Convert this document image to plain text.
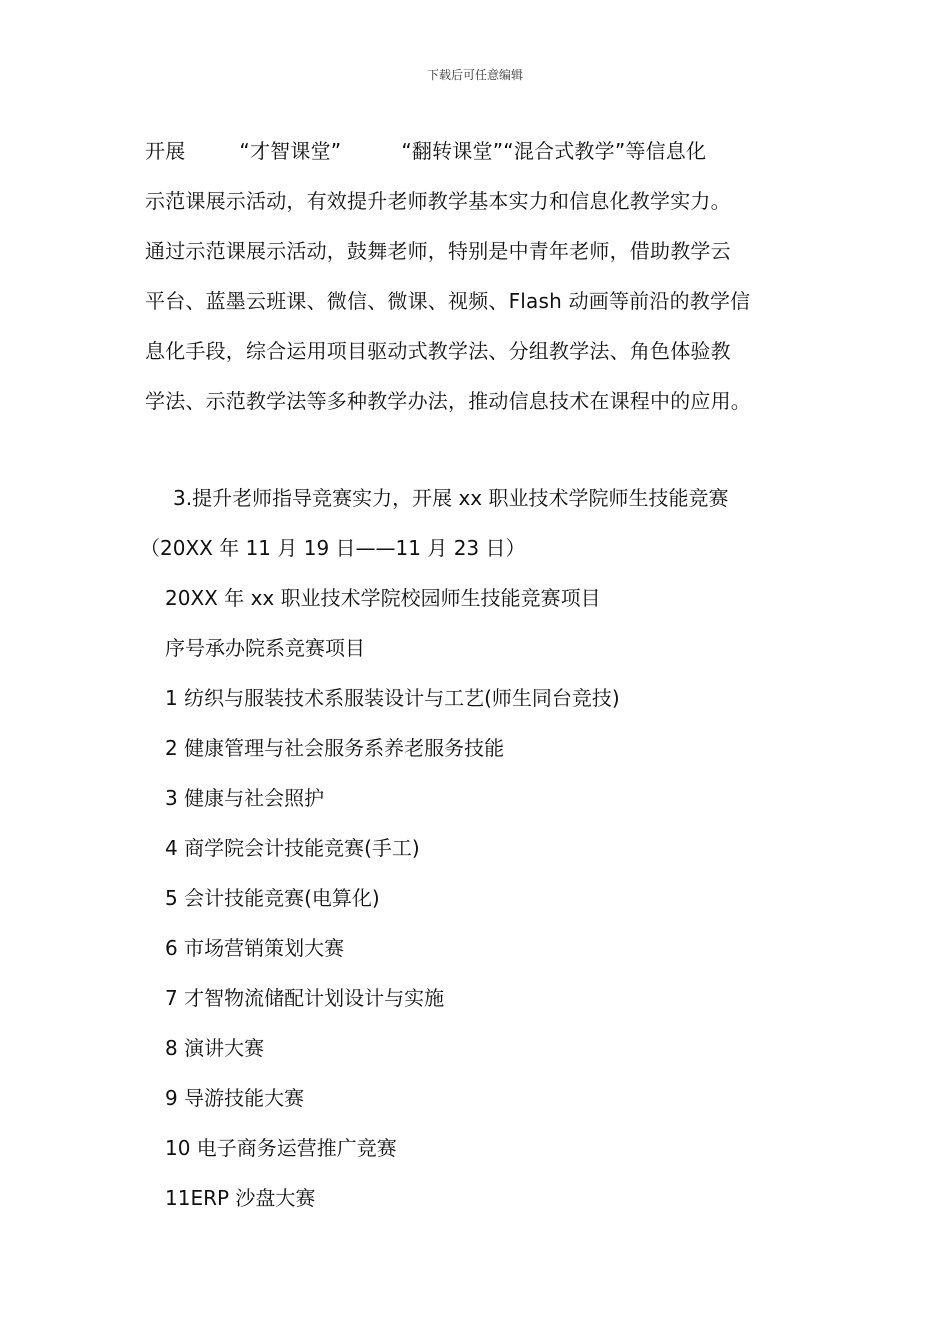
下载后可任意编辑
开展	“才智课堂”	“翻转课堂”“混合式教学”等信息化
示范课展示活动，有效提升老师教学基本实力和信息化教学实力。
通过示范课展示活动，鼓舞老师，特别是中青年老师，借助教学云
平台、蓝墨云班课、微信、微课、视频、Flash 动画等前沿的教学信
息化手段，综合运用项目驱动式教学法、分组教学法、角色体验教
学法、示范教学法等多种教学办法，推动信息技术在课程中的应用。
3.提升老师指导竞赛实力，开展 xx 职业技术学院师生技能竞赛
（20XX 年 11 月 19 日——11 月 23 日）
20XX 年 xx 职业技术学院校园师生技能竞赛项目
序号承办院系竞赛项目
1 纺织与服装技术系服装设计与工艺(师生同台竞技)
2 健康管理与社会服务系养老服务技能
3 健康与社会照护
4 商学院会计技能竞赛(手工)
5 会计技能竞赛(电算化)
6 市场营销策划大赛
7 才智物流储配计划设计与实施
8 演讲大赛
9 导游技能大赛
10 电子商务运营推广竞赛
11ERP 沙盘大赛
